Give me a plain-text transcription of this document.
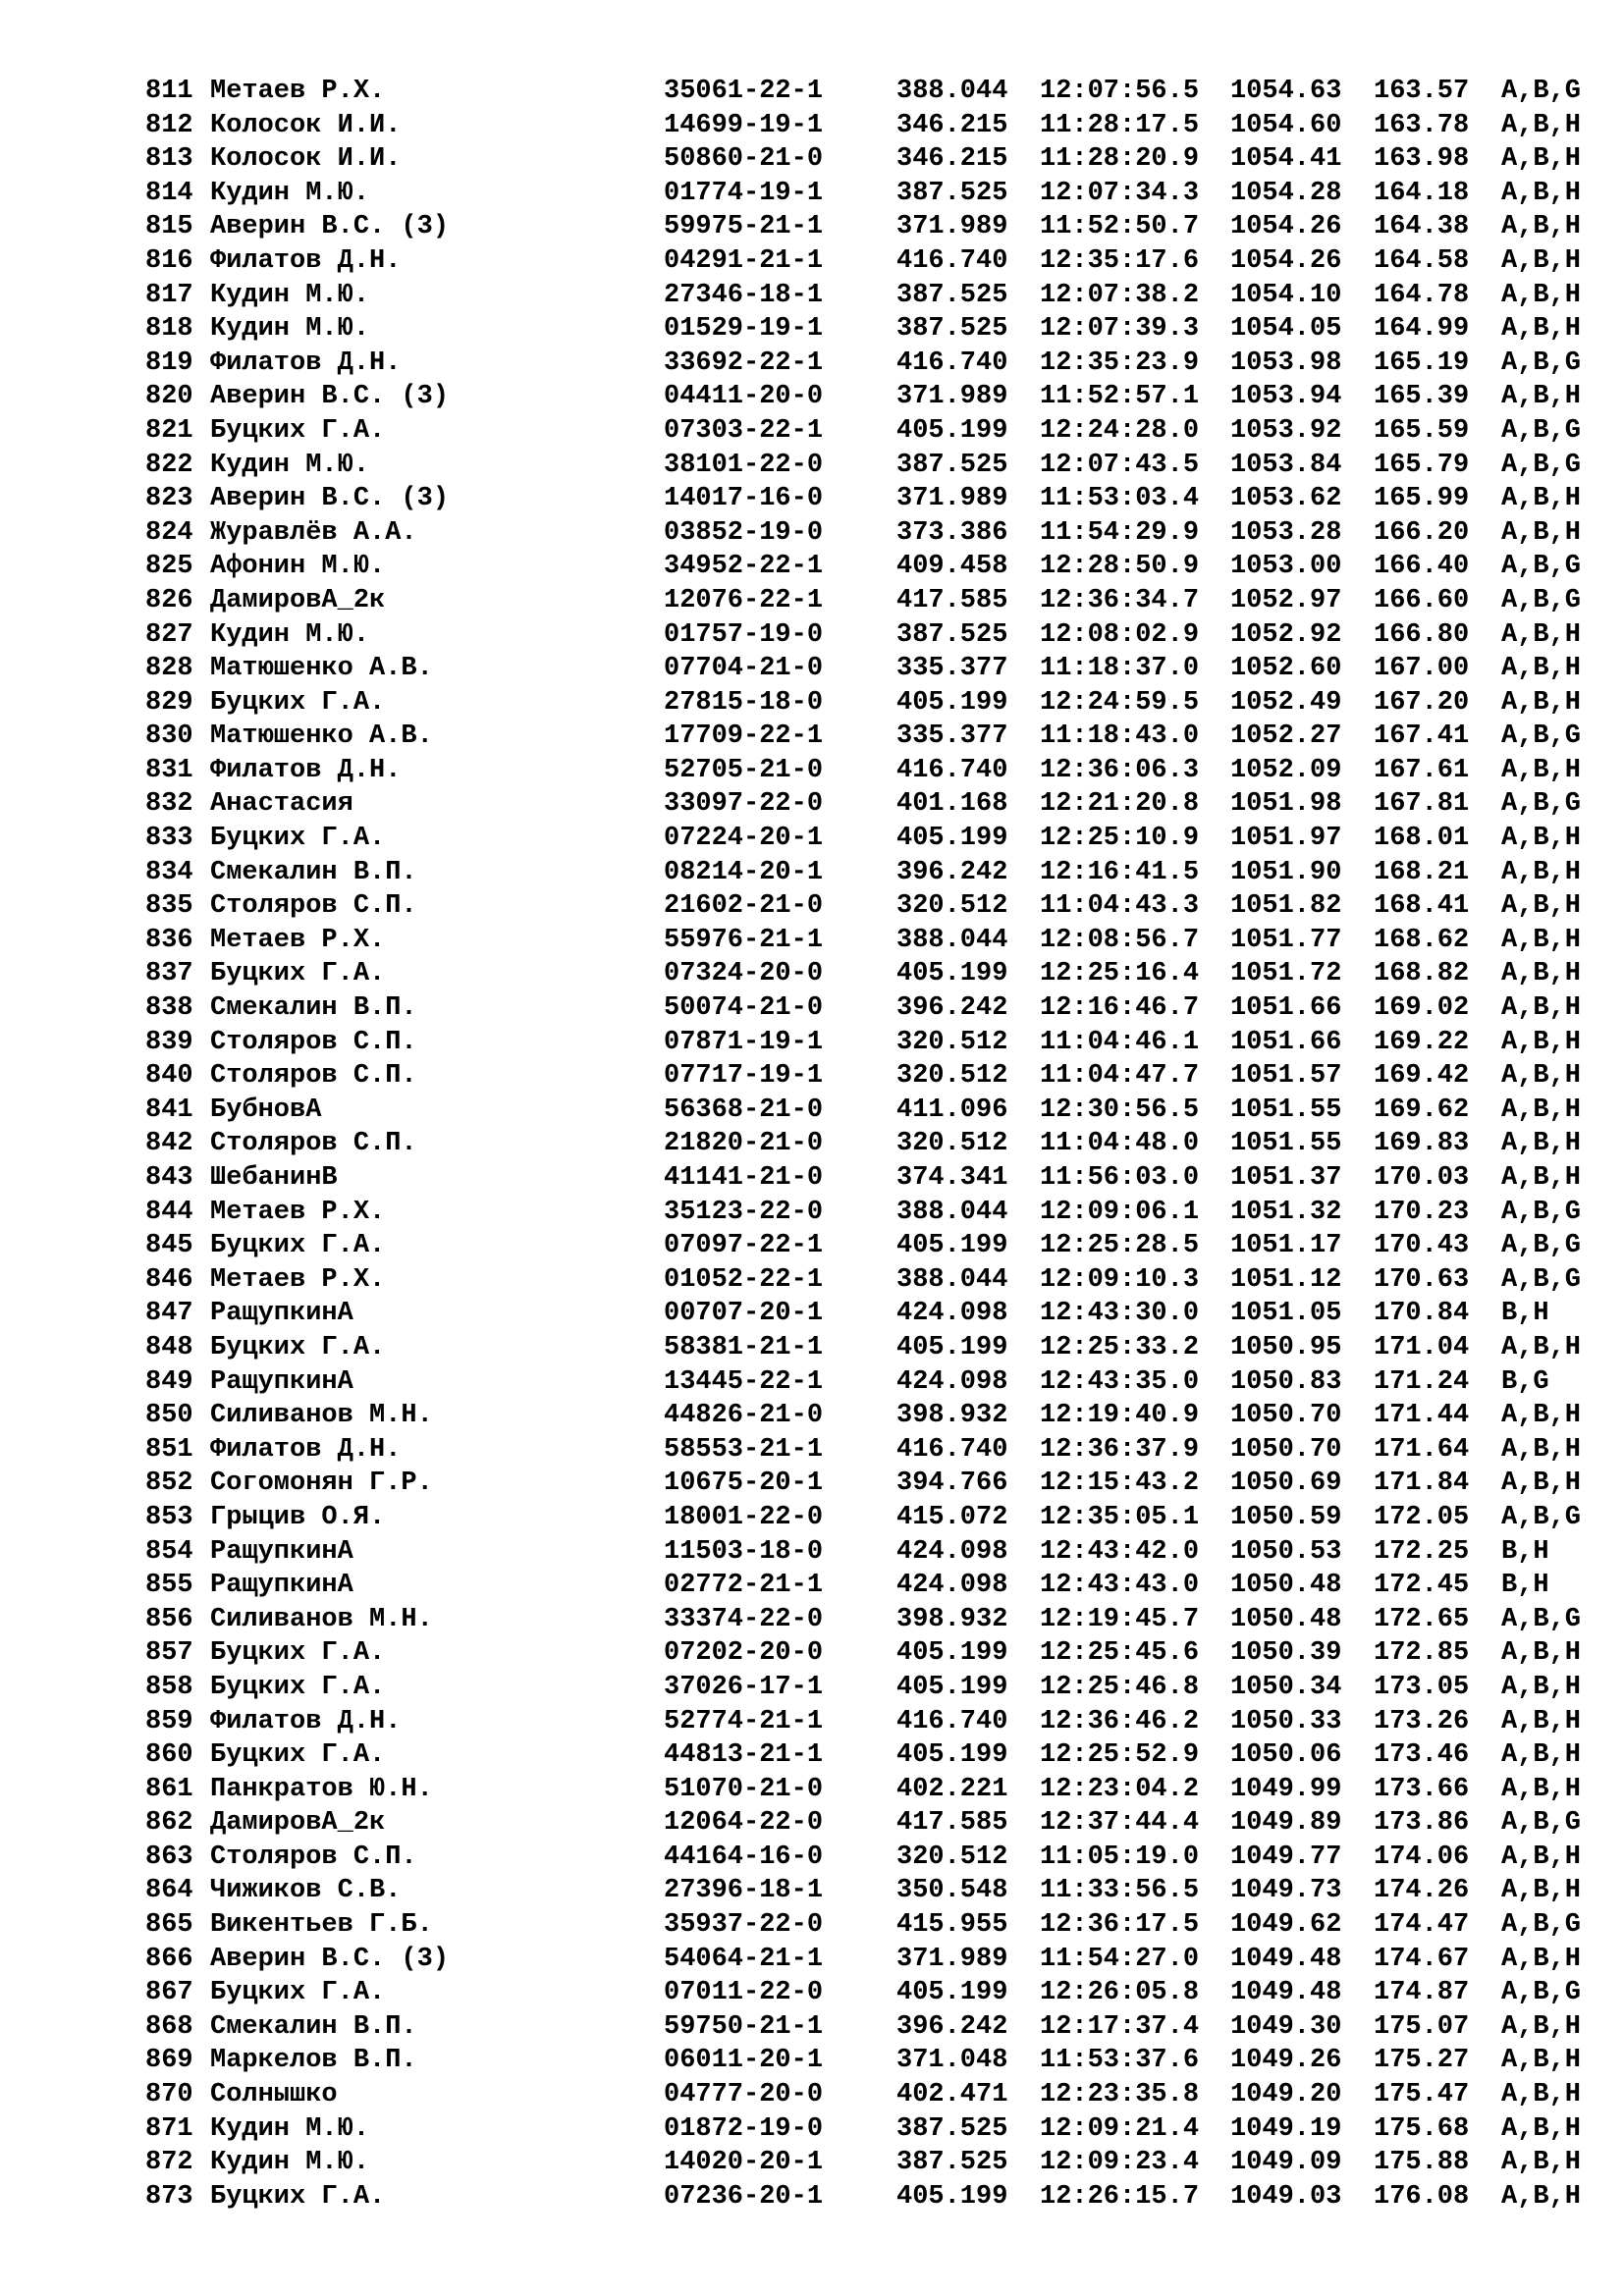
811 Метаев Р.Х.	35061-22-1	388.044 12:07:56.5 1054.63 163.57 A,B,G
812 Колосок И.И.	14699-19-1	346.215 11:28:17.5 1054.60 163.78 A,B,H
813 Колосок И.И.	50860-21-0	346.215 11:28:20.9 1054.41 163.98 A,B,H
814 Кудин М.Ю.	01774-19-1	387.525 12:07:34.3 1054.28 164.18 A,B,H
815 Аверин В.С. (3)	59975-21-1	371.989 11:52:50.7 1054.26 164.38 A,B,H
816 Филатов Д.Н.	04291-21-1	416.740 12:35:17.6 1054.26 164.58 A,B,H
817 Кудин М.Ю.	27346-18-1	387.525 12:07:38.2 1054.10 164.78 A,B,H
818 Кудин М.Ю.	01529-19-1	387.525 12:07:39.3 1054.05 164.99 A,B,H
819 Филатов Д.Н.	33692-22-1	416.740 12:35:23.9 1053.98 165.19 A,B,G
820 Аверин В.С. (3)	04411-20-0	371.989 11:52:57.1 1053.94 165.39 A,B,H
821 Буцких Г.А.	07303-22-1	405.199 12:24:28.0 1053.92 165.59 A,B,G
822 Кудин М.Ю.	38101-22-0	387.525 12:07:43.5 1053.84 165.79 A,B,G
823 Аверин В.С. (3)	14017-16-0	371.989 11:53:03.4 1053.62 165.99 A,B,H
824 Журавлёв А.А.	03852-19-0	373.386 11:54:29.9 1053.28 166.20 A,B,H
825 Афонин М.Ю.	34952-22-1	409.458 12:28:50.9 1053.00 166.40 A,B,G
826 ДамировА_2к	12076-22-1	417.585 12:36:34.7 1052.97 166.60 A,B,G
827 Кудин М.Ю.	01757-19-0	387.525 12:08:02.9 1052.92 166.80 A,B,H
828 Матюшенко А.В.	07704-21-0	335.377 11:18:37.0 1052.60 167.00 A,B,H
829 Буцких Г.А.	27815-18-0	405.199 12:24:59.5 1052.49 167.20 A,B,H
830 Матюшенко А.В.	17709-22-1	335.377 11:18:43.0 1052.27 167.41 A,B,G
831 Филатов Д.Н.	52705-21-0	416.740 12:36:06.3 1052.09 167.61 A,B,H
832 Анастасия	33097-22-0	401.168 12:21:20.8 1051.98 167.81 A,B,G
833 Буцких Г.А.	07224-20-1	405.199 12:25:10.9 1051.97 168.01 A,B,H
834 Смекалин В.П.	08214-20-1	396.242 12:16:41.5 1051.90 168.21 A,B,H
835 Столяров С.П.	21602-21-0	320.512 11:04:43.3 1051.82 168.41 A,B,H
836 Метаев Р.Х.	55976-21-1	388.044 12:08:56.7 1051.77 168.62 A,B,H
837 Буцких Г.А.	07324-20-0	405.199 12:25:16.4 1051.72 168.82 A,B,H
838 Смекалин В.П.	50074-21-0	396.242 12:16:46.7 1051.66 169.02 A,B,H
839 Столяров С.П.	07871-19-1	320.512 11:04:46.1 1051.66 169.22 A,B,H
840 Столяров С.П.	07717-19-1	320.512 11:04:47.7 1051.57 169.42 A,B,H
841 БубновА	56368-21-0	411.096 12:30:56.5 1051.55 169.62 A,B,H
842 Столяров С.П.	21820-21-0	320.512 11:04:48.0 1051.55 169.83 A,B,H
843 ШебанинВ	41141-21-0	374.341 11:56:03.0 1051.37 170.03 A,B,H
844 Метаев Р.Х.	35123-22-0	388.044 12:09:06.1 1051.32 170.23 A,B,G
845 Буцких Г.А.	07097-22-1	405.199 12:25:28.5 1051.17 170.43 A,B,G
846 Метаев Р.Х.	01052-22-1	388.044 12:09:10.3 1051.12 170.63 A,B,G
847 РащупкинА	00707-20-1	424.098 12:43:30.0 1051.05 170.84 B,H
848 Буцких Г.А.	58381-21-1	405.199 12:25:33.2 1050.95 171.04 A,B,H
849 РащупкинА	13445-22-1	424.098 12:43:35.0 1050.83 171.24 B,G
850 Силиванов М.Н.	44826-21-0	398.932 12:19:40.9 1050.70 171.44 A,B,H
851 Филатов Д.Н.	58553-21-1	416.740 12:36:37.9 1050.70 171.64 A,B,H
852 Согомонян Г.Р.	10675-20-1	394.766 12:15:43.2 1050.69 171.84 A,B,H
853 Грыцив О.Я.	18001-22-0	415.072 12:35:05.1 1050.59 172.05 A,B,G
854 РащупкинА	11503-18-0	424.098 12:43:42.0 1050.53 172.25 B,H
855 РащупкинА	02772-21-1	424.098 12:43:43.0 1050.48 172.45 B,H
856 Силиванов М.Н.	33374-22-0	398.932 12:19:45.7 1050.48 172.65 A,B,G
857 Буцких Г.А.	07202-20-0	405.199 12:25:45.6 1050.39 172.85 A,B,H
858 Буцких Г.А.	37026-17-1	405.199 12:25:46.8 1050.34 173.05 A,B,H
859 Филатов Д.Н.	52774-21-1	416.740 12:36:46.2 1050.33 173.26 A,B,H
860 Буцких Г.А.	44813-21-1	405.199 12:25:52.9 1050.06 173.46 A,B,H
861 Панкратов Ю.Н.	51070-21-0	402.221 12:23:04.2 1049.99 173.66 A,B,H
862 ДамировА_2к	12064-22-0	417.585 12:37:44.4 1049.89 173.86 A,B,G
863 Столяров С.П.	44164-16-0	320.512 11:05:19.0 1049.77 174.06 A,B,H
864 Чижиков С.В.	27396-18-1	350.548 11:33:56.5 1049.73 174.26 A,B,H
865 Викентьев Г.Б.	35937-22-0	415.955 12:36:17.5 1049.62 174.47 A,B,G
866 Аверин В.С. (3)	54064-21-1	371.989 11:54:27.0 1049.48 174.67 A,B,H
867 Буцких Г.А.	07011-22-0	405.199 12:26:05.8 1049.48 174.87 A,B,G
868 Смекалин В.П.	59750-21-1	396.242 12:17:37.4 1049.30 175.07 A,B,H
869 Маркелов В.П.	06011-20-1	371.048 11:53:37.6 1049.26 175.27 A,B,H
870 Солнышко	04777-20-0	402.471 12:23:35.8 1049.20 175.47 A,B,H
871 Кудин М.Ю.	01872-19-0	387.525 12:09:21.4 1049.19 175.68 A,B,H
872 Кудин М.Ю.	14020-20-1	387.525 12:09:23.4 1049.09 175.88 A,B,H
873 Буцких Г.А.	07236-20-1	405.199 12:26:15.7 1049.03 176.08 A,B,H
